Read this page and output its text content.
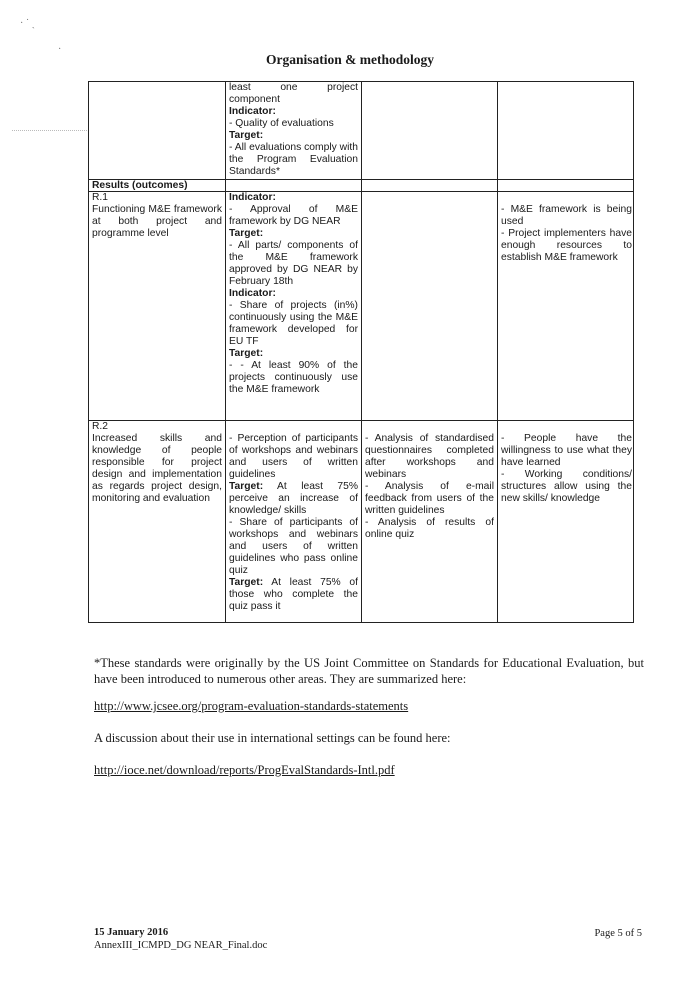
· ˙ ˏ
·
Organisation & methodology

least one project component

Indicator:

- Quality of evaluations

Target:

- All evaluations comply with the Program Evaluation Standards*

Results (outcomes)

R.1

Functioning M&E framework at both project and programme level

Indicator:

- Approval of M&E framework by DG NEAR

Target:

- All parts/ components of the M&E framework approved by DG NEAR by February 18th

Indicator:

- Share of projects (in%) continuously using the M&E framework developed for EU TF

Target:

- - At least 90% of the projects continuously use the M&E framework

- M&E framework is being used

- Project implementers have enough resources to establish M&E framework

R.2

Increased skills and knowledge of people responsible for project design and implementation as regards project design, monitoring and evaluation

- Perception of participants of workshops and webinars and users of written guidelines

Target: At least 75% perceive an increase of knowledge/ skills

- Share of participants of workshops and webinars and users of written guidelines who pass online quiz

Target: At least 75% of those who complete the quiz pass it

- Analysis of standardised questionnaires completed after workshops and webinars

- Analysis of e-mail feedback from users of the written guidelines

- Analysis of results of online quiz

- People have the willingness to use what they have learned

- Working conditions/ structures allow using the new skills/ knowledge

*These standards were originally by the US Joint Committee on Standards for Educational Evaluation, but have been introduced to numerous other areas. They are summarized here:
http://www.jcsee.org/program-evaluation-standards-statements
A discussion about their use in international settings can be found here:
http://ioce.net/download/reports/ProgEvalStandards-Intl.pdf
15 January 2016
AnnexIII_ICMPD_DG NEAR_Final.doc
Page 5 of 5
